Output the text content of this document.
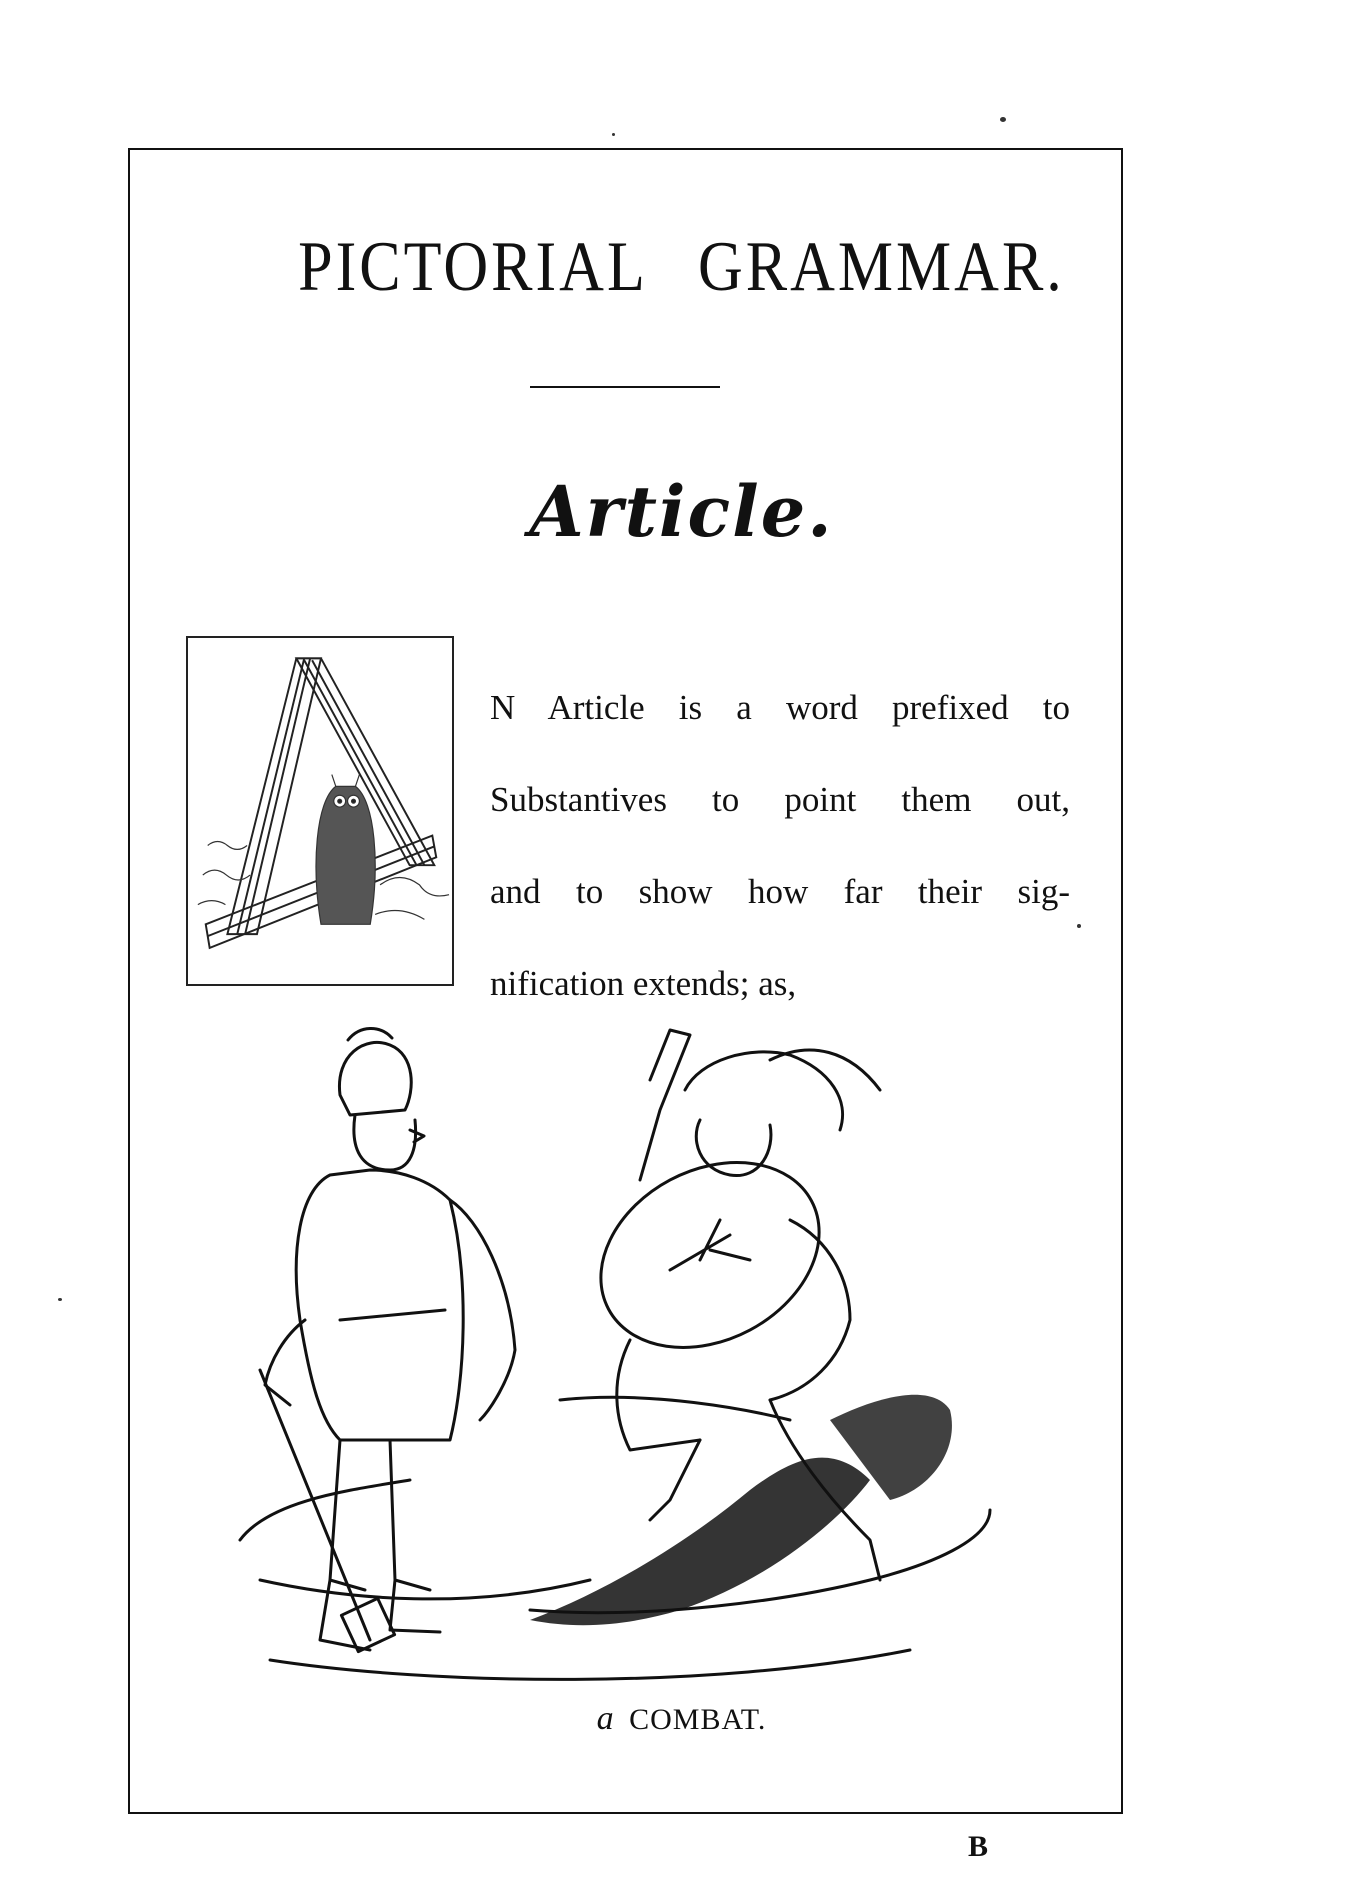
PICTORIAL GRAMMAR.
Article.
N Article is a word prefixed to
Substantives to point them out,
and to show how far their sig-
nification extends; as,
a COMBAT.
B
